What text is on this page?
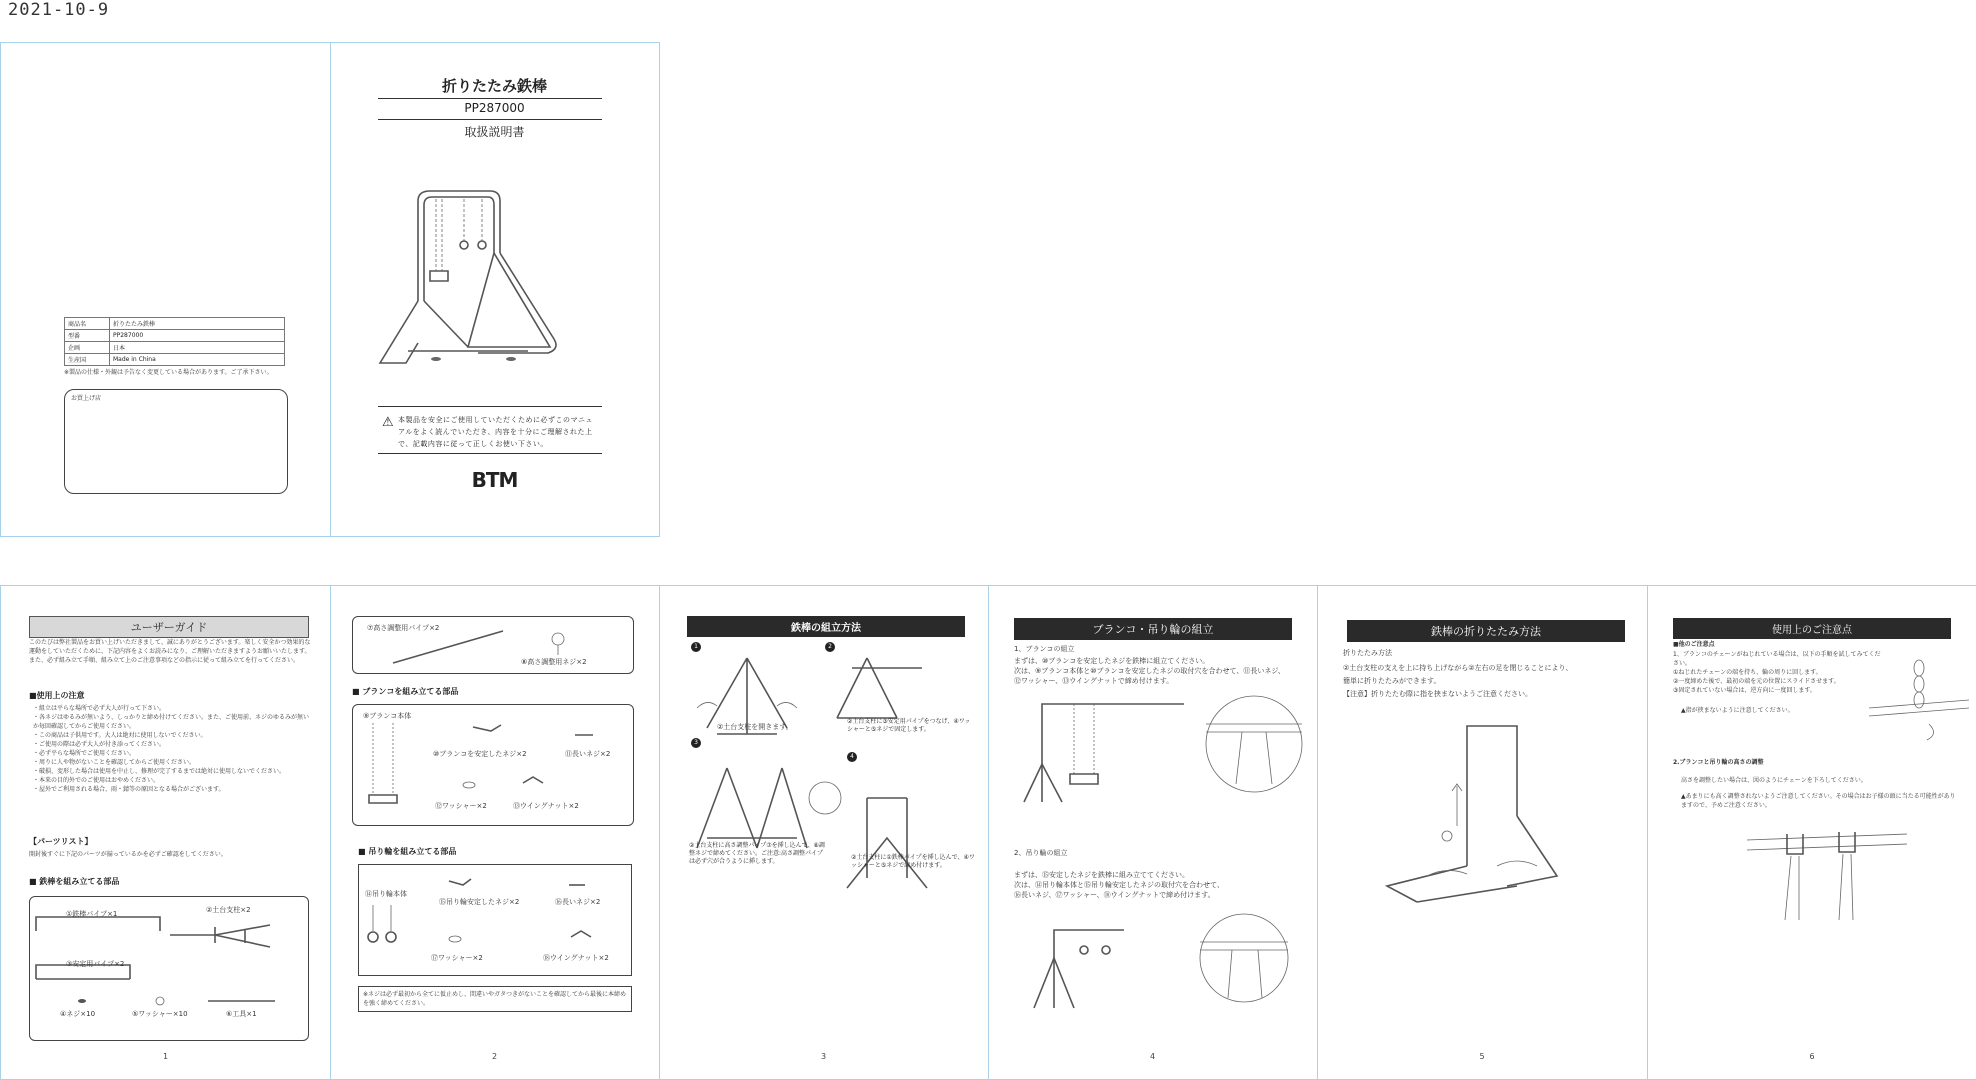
2021-10-9
商品名	折りたたみ鉄棒
型番	PP287000
企画	日本
生産国	Made in China
※製品の仕様・外観は予告なく変更している場合があります。ご了承下さい。
お買上げ店
折りたたみ鉄棒
PP287000
取扱説明書
⚠ 本製品を安全にご使用していただくために必ずこのマニュアルをよく読んでいただき、内容を十分にご理解された上で、記載内容に従って正しくお使い下さい。
BTM
ユーザーガイド
このたびは弊社製品をお買い上げいただきまして、誠にありがとうございます。楽しく安全かつ効果的な運動をしていただくために、下記内容をよくお読みになり、ご理解いただきますようお願いいたします。また、必ず組み立て手順、組み立て上のご注意事項などの指示に従って組み立てを行ってください。
■使用上の注意
・組立は平らな場所で必ず大人が行って下さい。
・各ネジはゆるみが無いよう、しっかりと締め付けてください。また、ご使用前、ネジのゆるみが無いか毎回確認してからご使用ください。
・この商品は子供用です。大人は絶対に使用しないでください。
・ご使用の際は必ず大人が付き添ってください。
・必ず平らな場所でご使用ください。
・周りに人や物がないことを確認してからご使用ください。
・破損、変形した場合は使用を中止し、修理が完了するまでは絶対に使用しないでください。
・本来の目的外でのご使用はおやめください。
・屋外でご利用される場合、雨・錆等の原因となる場合がございます。
【パーツリスト】
開封後すぐに下記のパーツが揃っているかを必ずご確認をしてください。
■ 鉄棒を組み立てる部品
①鉄棒パイプ×1	②土台支柱×2
③安定用パイプ×2
④ネジ×10	⑤ワッシャー×10	⑥工具×1
1
⑦高さ調整用パイプ×2
⑧高さ調整用ネジ×2
■ ブランコを組み立てる部品
⑨ブランコ本体
⑩ブランコを安定したネジ×2	⑪長いネジ×2
⑫ワッシャー×2	⑬ウイングナット×2
■ 吊り輪を組み立てる部品
⑭吊り輪本体
⑮吊り輪安定したネジ×2	⑯長いネジ×2
⑰ワッシャー×2	⑱ウイングナット×2
※ネジは必ず最初から全てに仮止めし、間違いやガタつきがないことを確認してから最後に本締めを強く締めてください。
2
鉄棒の組立方法
1
②土台支柱を開きます。
2
②土台支柱に③安定用パイプをつなげ、④ワッシャーと⑤ネジで固定します。
3
②土台支柱に高さ調整パイプ⑦を挿し込んで、⑧調整ネジで締めてください。ご注意:高さ調整パイプは必ず穴が合うように挿します。
4
②土台支柱に①鉄棒パイプを挿し込んで、④ワッシャーと⑤ネジで締め付けます。
3
ブランコ・吊り輪の組立
1、ブランコの組立
まずは、⑩ブランコを安定したネジを鉄棒に組立てください。
次は、⑨ブランコ本体と⑩ブランコを安定したネジの取付穴を合わせて、⑪長いネジ、
⑫ワッシャー、⑬ウイングナットで締め付けます。
2、吊り輪の組立
まずは、⑮安定したネジを鉄棒に組み立ててください。
次は、⑭吊り輪本体と⑮吊り輪安定したネジの取付穴を合わせて、
⑯長いネジ、⑰ワッシャー、⑱ウイングナットで締め付けます。
4
鉄棒の折りたたみ方法
折りたたみ方法
②土台支柱の支えを上に持ち上げながら②左右の足を閉じることにより、
簡単に折りたたみができます。
【注意】折りたたむ際に指を挟まないようご注意ください。
5
使用上のご注意点
■他のご注意点
1、ブランコのチェーンがねじれている場合は、以下の手順を試してみてください。
①ねじれたチェーンの端を持ち、輪の周りに回します。
②一度締めた後で、最初の端を元の位置にスライドさせます。
③固定されていない場合は、逆方向に一度回します。
▲指が挟まないように注意してください。
2.ブランコと吊り輪の高さの調整
高さを調整したい場合は、図のようにチェーンを下ろしてください。
▲あまりにも高く調整されないようご注意してください。その場合はお子様の頭に当たる可能性がありますので、予めご注意ください。
6
